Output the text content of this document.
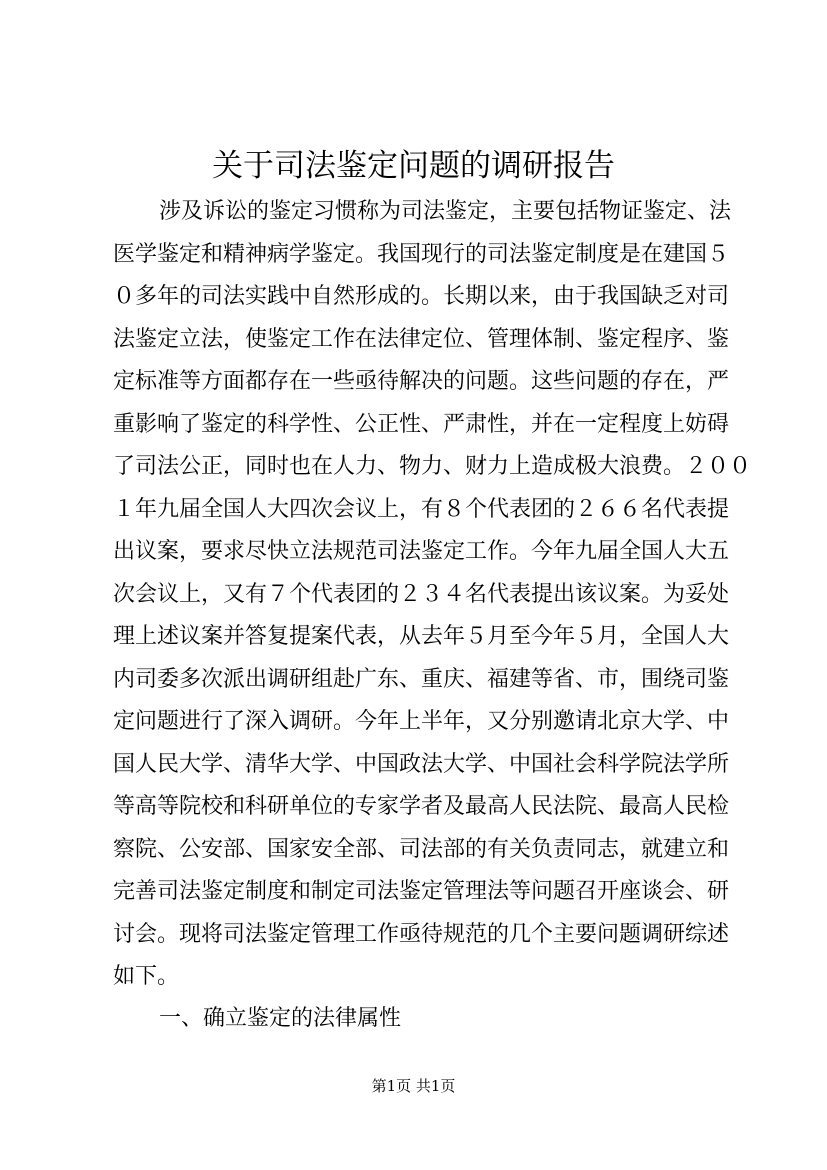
关于司法鉴定问题的调研报告
涉及诉讼的鉴定习惯称为司法鉴定，主要包括物证鉴定、法
医学鉴定和精神病学鉴定。我国现行的司法鉴定制度是在建国５
０多年的司法实践中自然形成的。长期以来，由于我国缺乏对司
法鉴定立法，使鉴定工作在法律定位、管理体制、鉴定程序、鉴
定标准等方面都存在一些亟待解决的问题。这些问题的存在，严
重影响了鉴定的科学性、公正性、严肃性，并在一定程度上妨碍
了司法公正，同时也在人力、物力、财力上造成极大浪费。２００
１年九届全国人大四次会议上，有８个代表团的２６６名代表提
出议案，要求尽快立法规范司法鉴定工作。今年九届全国人大五
次会议上，又有７个代表团的２３４名代表提出该议案。为妥处
理上述议案并答复提案代表，从去年５月至今年５月，全国人大
内司委多次派出调研组赴广东、重庆、福建等省、市，围绕司鉴
定问题进行了深入调研。今年上半年，又分别邀请北京大学、中
国人民大学、清华大学、中国政法大学、中国社会科学院法学所
等高等院校和科研单位的专家学者及最高人民法院、最高人民检
察院、公安部、国家安全部、司法部的有关负责同志，就建立和
完善司法鉴定制度和制定司法鉴定管理法等问题召开座谈会、研
讨会。现将司法鉴定管理工作亟待规范的几个主要问题调研综述
如下。
一、确立鉴定的法律属性
第1页 共1页
